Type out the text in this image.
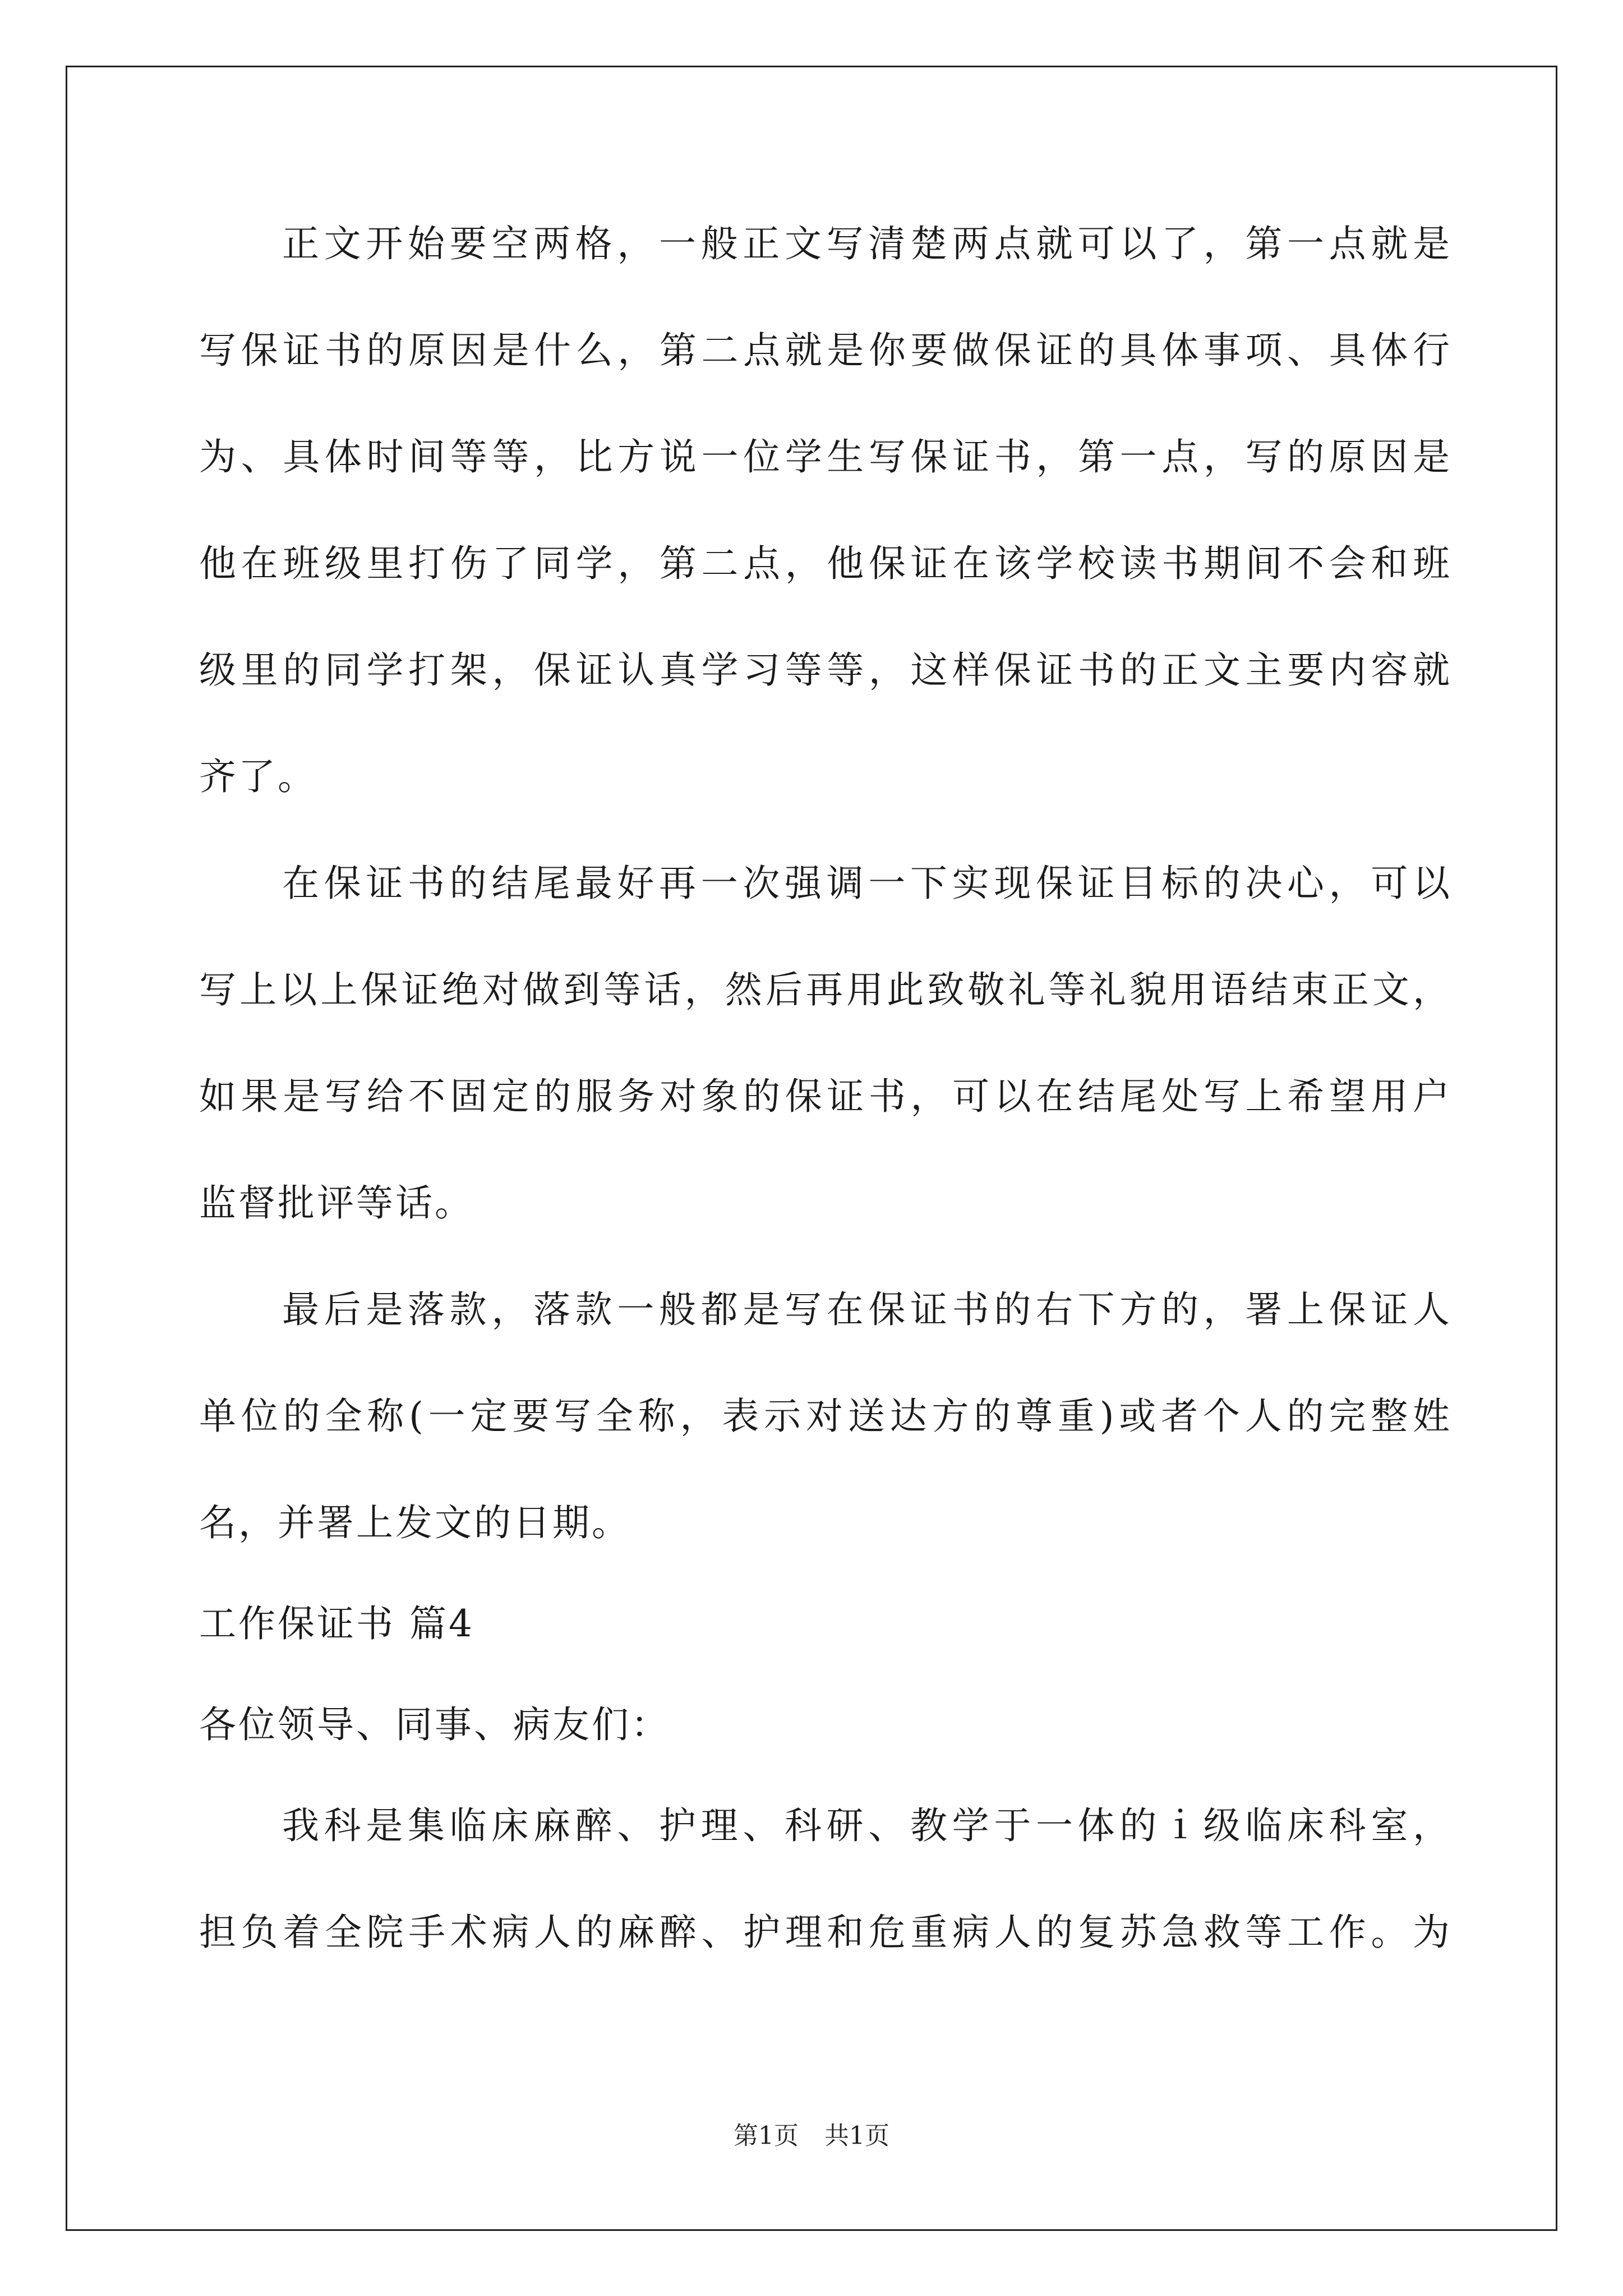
正文开始要空两格，一般正文写清楚两点就可以了，第一点就是
写保证书的原因是什么，第二点就是你要做保证的具体事项、具体行
为、具体时间等等，比方说一位学生写保证书，第一点，写的原因是
他在班级里打伤了同学，第二点，他保证在该学校读书期间不会和班
级里的同学打架，保证认真学习等等，这样保证书的正文主要内容就
齐了。
在保证书的结尾最好再一次强调一下实现保证目标的决心，可以
写上以上保证绝对做到等话，然后再用此致敬礼等礼貌用语结束正文，
如果是写给不固定的服务对象的保证书，可以在结尾处写上希望用户
监督批评等话。
最后是落款，落款一般都是写在保证书的右下方的，署上保证人
单位的全称(一定要写全称，表示对送达方的尊重)或者个人的完整姓
名，并署上发文的日期。
工作保证书 篇4
各位领导、同事、病友们：
我科是集临床麻醉、护理、科研、教学于一体的ｉ级临床科室，
担负着全院手术病人的麻醉、护理和危重病人的复苏急救等工作。为
第1页 共1页
